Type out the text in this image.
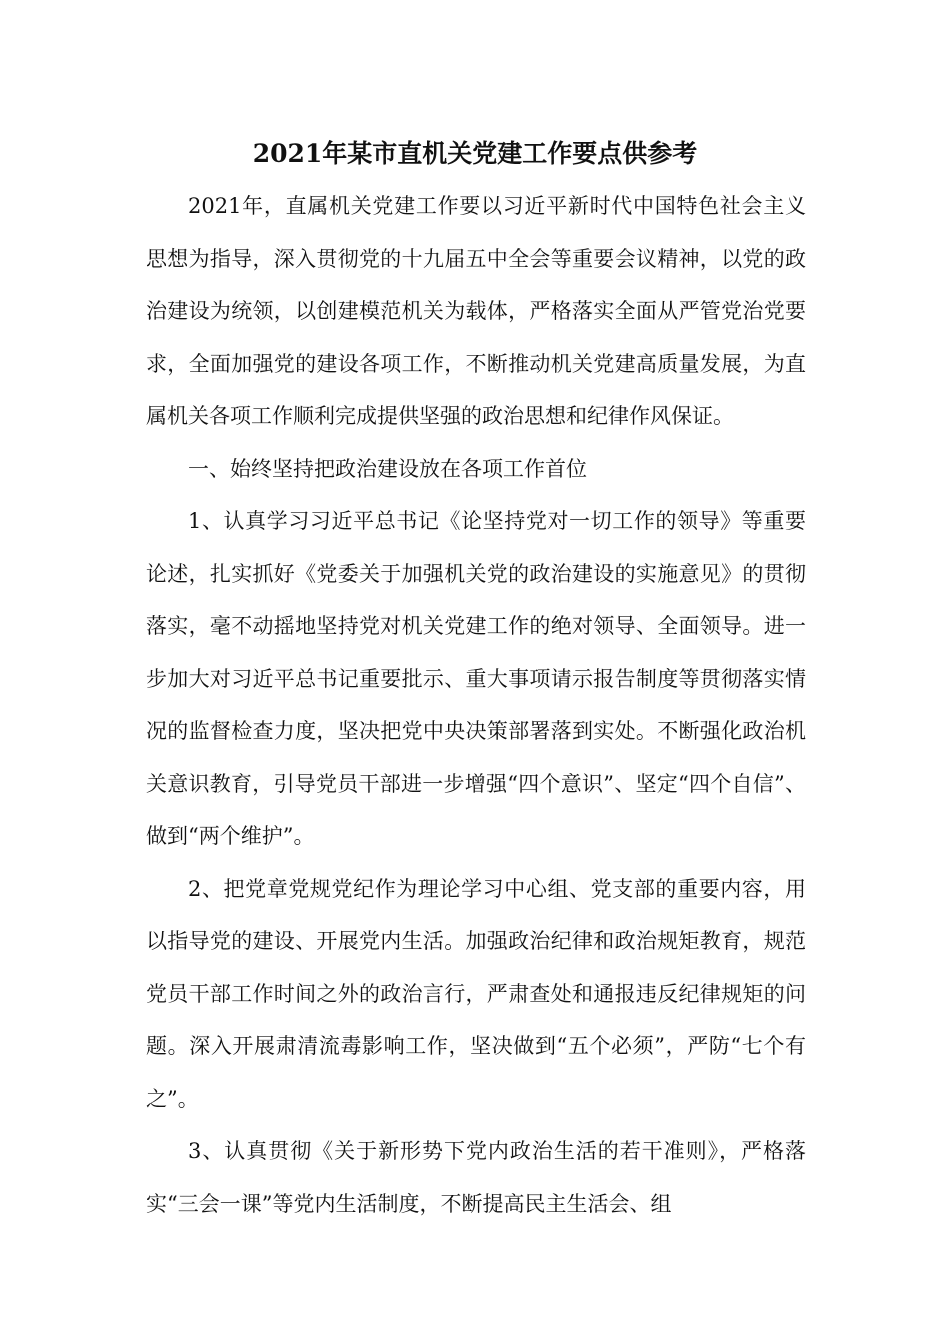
2021年某市直机关党建工作要点供参考

2021年，直属机关党建工作要以习近平新时代中国特色社会主义思想为指导，深入贯彻党的十九届五中全会等重要会议精神，以党的政治建设为统领，以创建模范机关为载体，严格落实全面从严管党治党要求，全面加强党的建设各项工作，不断推动机关党建高质量发展，为直属机关各项工作顺利完成提供坚强的政治思想和纪律作风保证。

一、始终坚持把政治建设放在各项工作首位

1、认真学习习近平总书记《论坚持党对一切工作的领导》等重要论述，扎实抓好《党委关于加强机关党的政治建设的实施意见》的贯彻落实，毫不动摇地坚持党对机关党建工作的绝对领导、全面领导。进一步加大对习近平总书记重要批示、重大事项请示报告制度等贯彻落实情况的监督检查力度，坚决把党中央决策部署落到实处。不断强化政治机关意识教育，引导党员干部进一步增强“四个意识”、坚定“四个自信”、做到“两个维护”。

2、把党章党规党纪作为理论学习中心组、党支部的重要内容，用以指导党的建设、开展党内生活。加强政治纪律和政治规矩教育，规范党员干部工作时间之外的政治言行，严肃查处和通报违反纪律规矩的问题。深入开展肃清流毒影响工作，坚决做到“五个必须”，严防“七个有之”。

3、认真贯彻《关于新形势下党内政治生活的若干准则》，严格落实“三会一课”等党内生活制度，不断提高民主生活会、组
